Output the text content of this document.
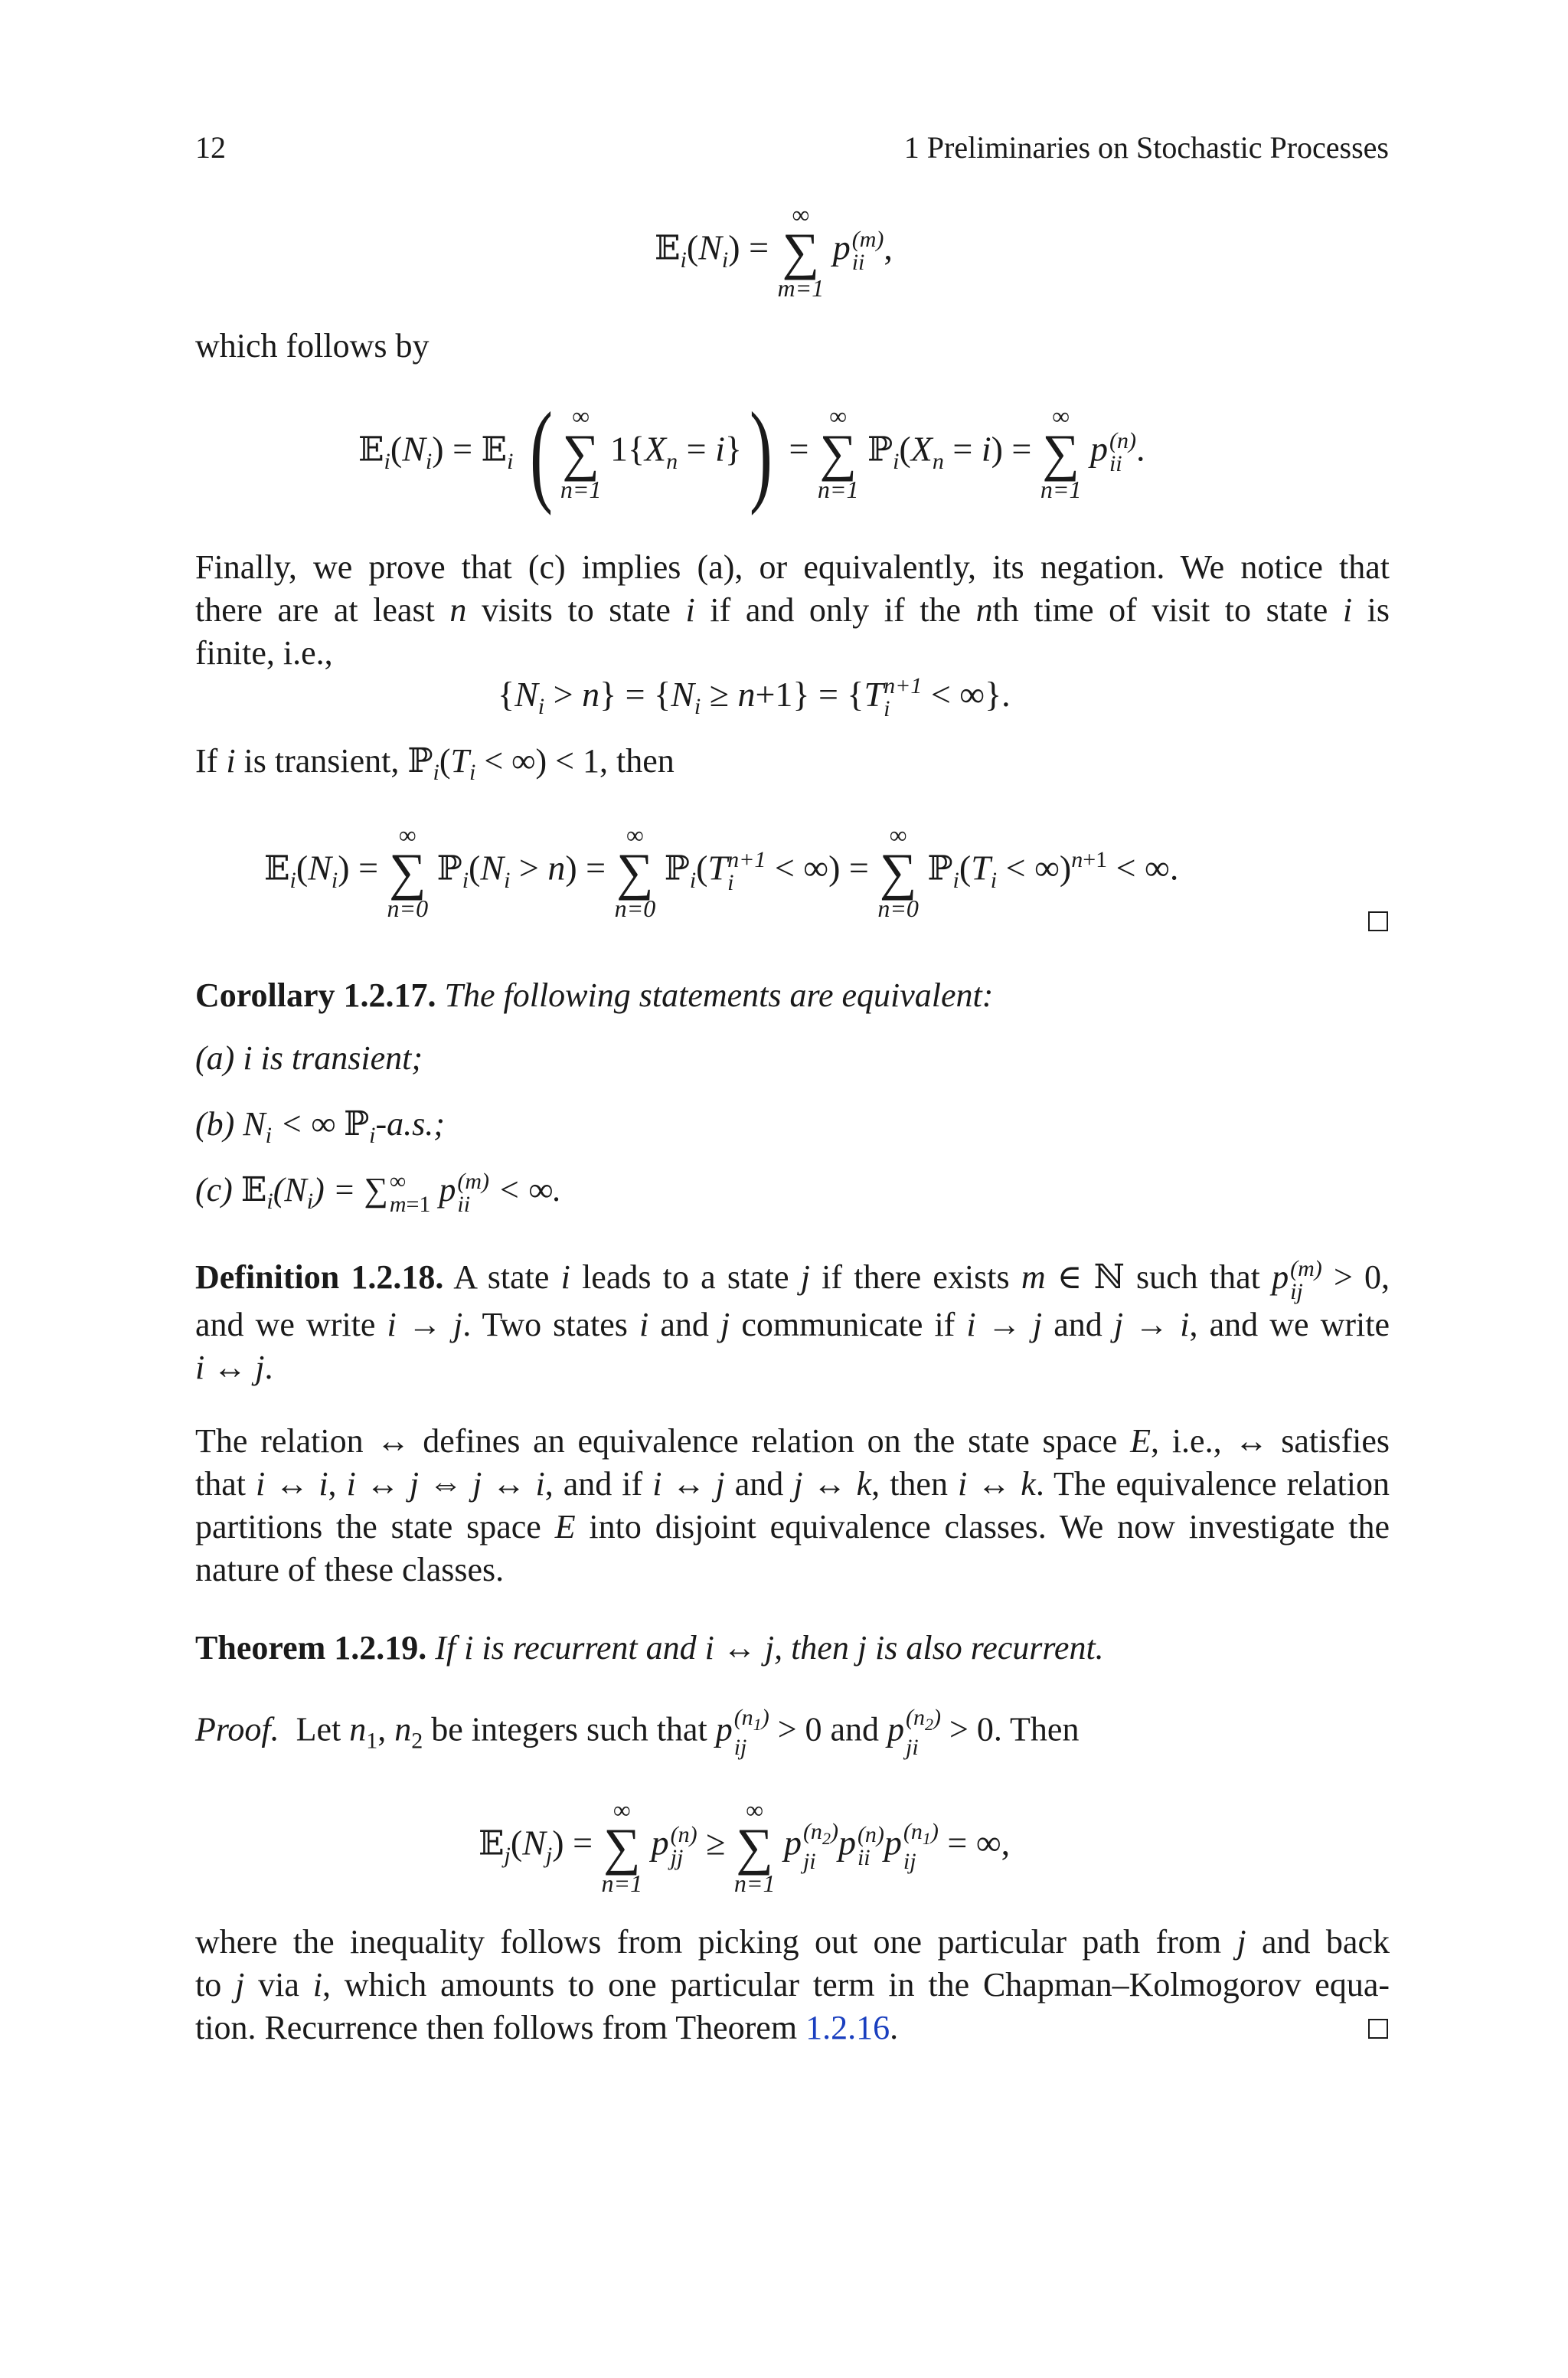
12	1 Preliminaries on Stochastic Processes
$𝔼_i(N_i)$ =
∞
∑
m=1
p (m)
ii ,
which follows by
$𝔼_i(N_i)$ = 𝔼$_i$ ( ∞
∑
n=1
$1\{X_n = i\}$) =
∞
∑
n=1
$ℙ_i(X_n = i)$ =
∞
∑
n=1
p (n)
ii .
Finally, we prove that (c) implies (a), or equivalently, its negation. We notice that
there are at least n visits to state i if and only if the nth time of visit to state i is
finite, i.e.,
$\{N_i > n\} = \{N_i \ge n+1\} = \{T$ n+1
i < ∞}.
If i is transient, $ℙ_i(T_i$ < ∞) < 1, then
$𝔼_i(N_i)$ =
∞
∑
n=0
$ℙ_i(N_i > n)$ =
∞
∑
n=0
ℙ$_i$(T n+1
i < ∞) =
∞
∑
n=0
$ℙ_i(T_i < \infty)^{n+1}$ < ∞.
Corollary 1.2.17. The following statements are equivalent:
(a) i is transient;
(b) $N_i$ < ∞ ℙ$_i$-a.s.;
(c) $𝔼_i(N_i)$ = ∑ ∞
m=1 p (m)
ii < ∞.
Definition 1.2.18. A state i leads to a state j if there exists m ∈ ℕ such that p (m)
ij > 0,
and we write i → j. Two states i and j communicate if i → j and j → i, and we write
i ↔ j.
The relation ↔ defines an equivalence relation on the state space E, i.e., ↔ satisfies
that i ↔ i, i ↔ j ⇔ j ↔ i, and if i ↔ j and j ↔ k, then i ↔ k. The equivalence relation
partitions the state space E into disjoint equivalence classes. We now investigate the
nature of these classes.
Theorem 1.2.19. If i is recurrent and i ↔ j, then j is also recurrent.
Proof.  Let $n_1$, $n_2$ be integers such that p $(n_1)$
ij > 0 and p $(n_2)$
ji > 0. Then
$𝔼_j(N_j)$ =
∞
∑
n=1
p (n)
jj ≥
∞
∑
n=1
p $(n_2)$
ji p (n)
ii p $(n_1)$
ij = ∞,
where the inequality follows from picking out one particular path from j and back
to j via i, which amounts to one particular term in the Chapman–Kolmogorov equa-
tion. Recurrence then follows from Theorem 1.2.16.
